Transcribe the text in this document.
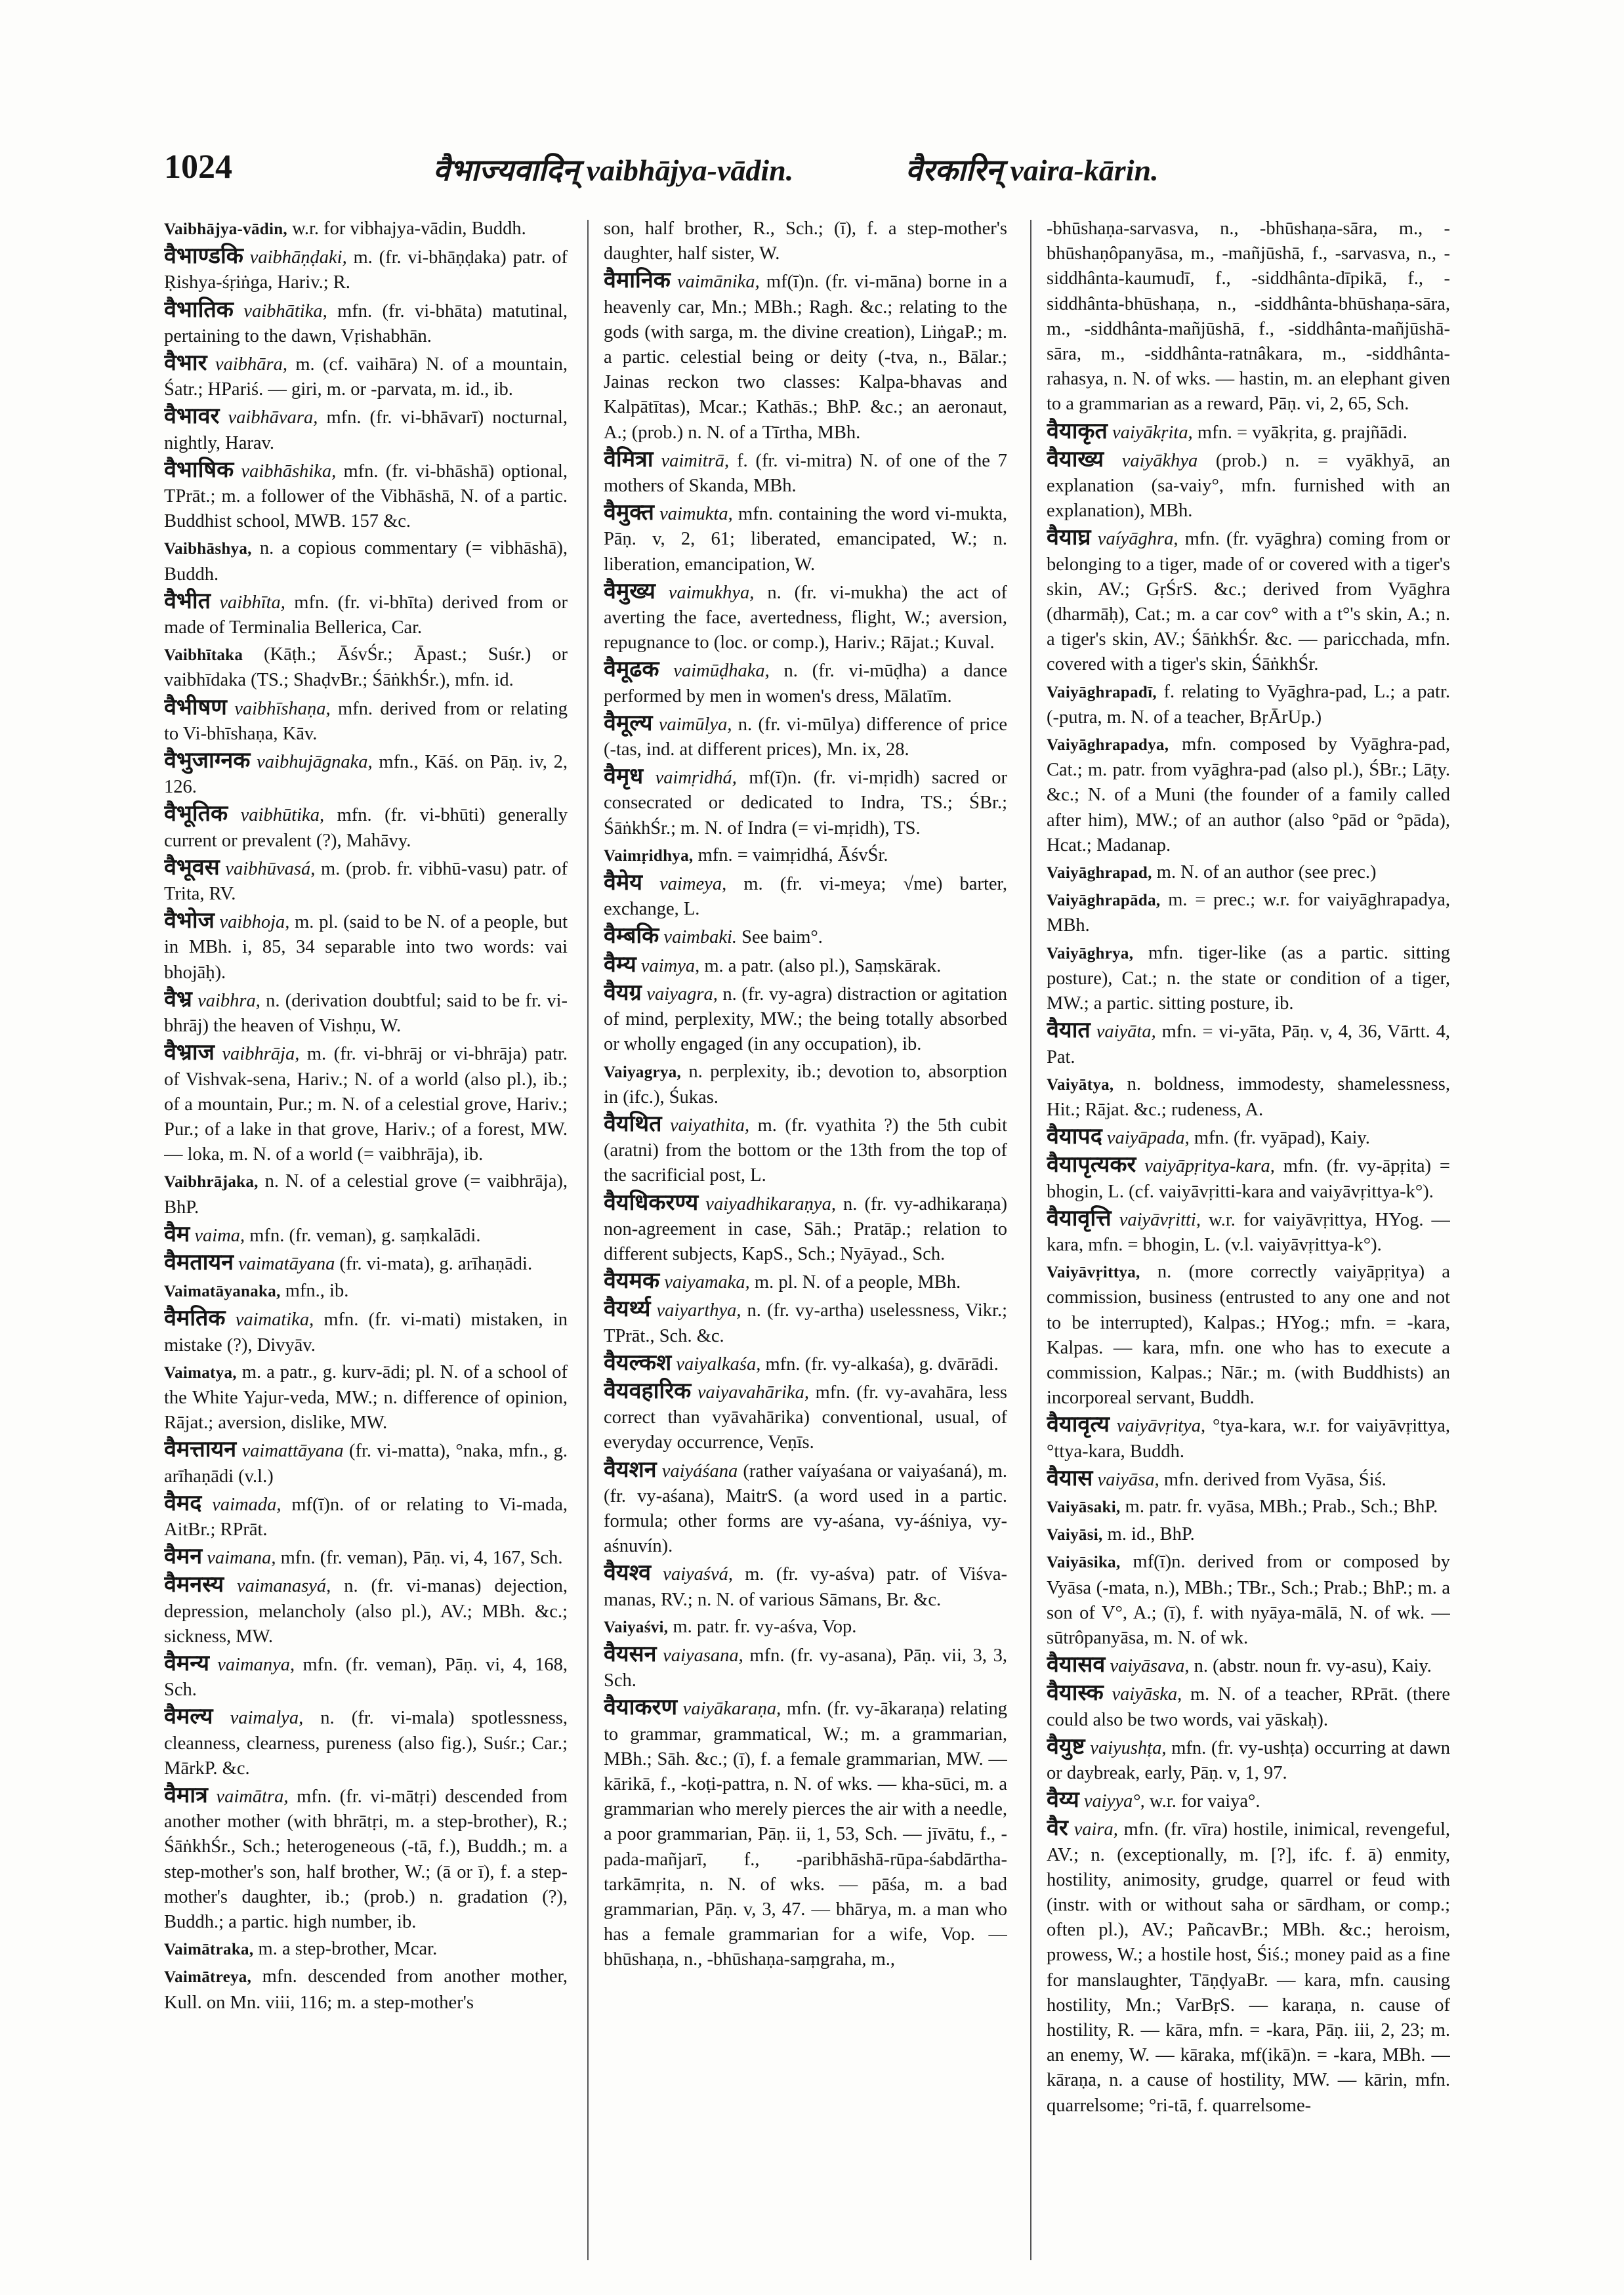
1024	वैभाज्यवादिन् vaibhājya-vādin.	वैरकारिन् vaira-kārin.
Vaibhājya-vādin, w.r. for vibhajya-vādin, Buddh.
वैभाण्डकि vaibhāṇḍaki, m. (fr. vi-bhāṇḍaka) patr. of Ṛishya-śṛiṅga, Hariv.; R.
वैभातिक vaibhātika, mfn. (fr. vi-bhāta) matutinal, pertaining to the dawn, Vṛishabhān.
वैभार vaibhāra, m. (cf. vaihāra) N. of a mountain, Śatr.; HPariś. — giri, m. or -parvata, m. id., ib.
वैभावर vaibhāvara, mfn. (fr. vi-bhāvarī) nocturnal, nightly, Harav.
वैभाषिक vaibhāshika, mfn. (fr. vi-bhāshā) optional, TPrāt.; m. a follower of the Vibhāshā, N. of a partic. Buddhist school, MWB. 157 &c.
Vaibhāshya, n. a copious commentary (= vibhāshā), Buddh.
वैभीत vaibhīta, mfn. (fr. vi-bhīta) derived from or made of Terminalia Bellerica, Car.
Vaibhītaka (Kāṭh.; ĀśvŚr.; Āpast.; Suśr.) or vaibhīdaka (TS.; ShaḍvBr.; ŚāṅkhŚr.), mfn. id.
वैभीषण vaibhīshaṇa, mfn. derived from or relating to Vi-bhīshaṇa, Kāv.
वैभुजाग्नक vaibhujāgnaka, mfn., Kāś. on Pāṇ. iv, 2, 126.
वैभूतिक vaibhūtika, mfn. (fr. vi-bhūti) generally current or prevalent (?), Mahāvy.
वैभूवस vaibhūvasá, m. (prob. fr. vibhū-vasu) patr. of Trita, RV.
वैभोज vaibhoja, m. pl. (said to be N. of a people, but in MBh. i, 85, 34 separable into two words: vai bhojāḥ).
वैभ्र vaibhra, n. (derivation doubtful; said to be fr. vi-bhrāj) the heaven of Vishṇu, W.
वैभ्राज vaibhrāja, m. (fr. vi-bhrāj or vi-bhrāja) patr. of Vishvak-sena, Hariv.; N. of a world (also pl.), ib.; of a mountain, Pur.; m. N. of a celestial grove, Hariv.; Pur.; of a lake in that grove, Hariv.; of a forest, MW. — loka, m. N. of a world (= vaibhrāja), ib.
Vaibhrājaka, n. N. of a celestial grove (= vaibhrāja), BhP.
वैम vaima, mfn. (fr. veman), g. saṃkalādi.
वैमतायन vaimatāyana (fr. vi-mata), g. arīhaṇādi.
Vaimatāyanaka, mfn., ib.
वैमतिक vaimatika, mfn. (fr. vi-mati) mistaken, in mistake (?), Divyāv.
Vaimatya, m. a patr., g. kurv-ādi; pl. N. of a school of the White Yajur-veda, MW.; n. difference of opinion, Rājat.; aversion, dislike, MW.
वैमत्तायन vaimattāyana (fr. vi-matta), °naka, mfn., g. arīhaṇādi (v.l.)
वैमद vaimada, mf(ī)n. of or relating to Vi-mada, AitBr.; RPrāt.
वैमन vaimana, mfn. (fr. veman), Pāṇ. vi, 4, 167, Sch.
वैमनस्य vaimanasyá, n. (fr. vi-manas) dejection, depression, melancholy (also pl.), AV.; MBh. &c.; sickness, MW.
वैमन्य vaimanya, mfn. (fr. veman), Pāṇ. vi, 4, 168, Sch.
वैमल्य vaimalya, n. (fr. vi-mala) spotlessness, cleanness, clearness, pureness (also fig.), Suśr.; Car.; MārkP. &c.
वैमात्र vaimātra, mfn. (fr. vi-mātṛi) descended from another mother (with bhrātṛi, m. a step-brother), R.; ŚāṅkhŚr., Sch.; heterogeneous (-tā, f.), Buddh.; m. a step-mother's son, half brother, W.; (ā or ī), f. a step-mother's daughter, ib.; (prob.) n. gradation (?), Buddh.; a partic. high number, ib.
Vaimātraka, m. a step-brother, Mcar.
Vaimātreya, mfn. descended from another mother, Kull. on Mn. viii, 116; m. a step-mother's
son, half brother, R., Sch.; (ī), f. a step-mother's daughter, half sister, W.
वैमानिक vaimānika, mf(ī)n. (fr. vi-māna) borne in a heavenly car, Mn.; MBh.; Ragh. &c.; relating to the gods (with sarga, m. the divine creation), LiṅgaP.; m. a partic. celestial being or deity (-tva, n., Bālar.; Jainas reckon two classes: Kalpa-bhavas and Kalpātītas), Mcar.; Kathās.; BhP. &c.; an aeronaut, A.; (prob.) n. N. of a Tīrtha, MBh.
वैमित्रा vaimitrā, f. (fr. vi-mitra) N. of one of the 7 mothers of Skanda, MBh.
वैमुक्त vaimukta, mfn. containing the word vi-mukta, Pāṇ. v, 2, 61; liberated, emancipated, W.; n. liberation, emancipation, W.
वैमुख्य vaimukhya, n. (fr. vi-mukha) the act of averting the face, avertedness, flight, W.; aversion, repugnance to (loc. or comp.), Hariv.; Rājat.; Kuval.
वैमूढक vaimūḍhaka, n. (fr. vi-mūḍha) a dance performed by men in women's dress, Mālatīm.
वैमूल्य vaimūlya, n. (fr. vi-mūlya) difference of price (-tas, ind. at different prices), Mn. ix, 28.
वैमृध vaimṛidhá, mf(ī)n. (fr. vi-mṛidh) sacred or consecrated or dedicated to Indra, TS.; ŚBr.; ŚāṅkhŚr.; m. N. of Indra (= vi-mṛidh), TS.
Vaimṛidhya, mfn. = vaimṛidhá, ĀśvŚr.
वैमेय vaimeya, m. (fr. vi-meya; √me) barter, exchange, L.
वैम्बकि vaimbaki. See baim°.
वैम्य vaimya, m. a patr. (also pl.), Saṃskārak.
वैयग्र vaiyagra, n. (fr. vy-agra) distraction or agitation of mind, perplexity, MW.; the being totally absorbed or wholly engaged (in any occupation), ib.
Vaiyagrya, n. perplexity, ib.; devotion to, absorption in (ifc.), Śukas.
वैयथित vaiyathita, m. (fr. vyathita ?) the 5th cubit (aratni) from the bottom or the 13th from the top of the sacrificial post, L.
वैयधिकरण्य vaiyadhikaraṇya, n. (fr. vy-adhikaraṇa) non-agreement in case, Sāh.; Pratāp.; relation to different subjects, KapS., Sch.; Nyāyad., Sch.
वैयमक vaiyamaka, m. pl. N. of a people, MBh.
वैयर्थ्य vaiyarthya, n. (fr. vy-artha) uselessness, Vikr.; TPrāt., Sch. &c.
वैयल्कश vaiyalkaśa, mfn. (fr. vy-alkaśa), g. dvārādi.
वैयवहारिक vaiyavahārika, mfn. (fr. vy-avahāra, less correct than vyāvahārika) conventional, usual, of everyday occurrence, Veṇīs.
वैयशन vaiyáśana (rather vaíyaśana or vaiyaśaná), m. (fr. vy-aśana), MaitrS. (a word used in a partic. formula; other forms are vy-aśana, vy-áśniya, vy-aśnuvín).
वैयश्व vaiyaśvá, m. (fr. vy-aśva) patr. of Viśva-manas, RV.; n. N. of various Sāmans, Br. &c.
Vaiyaśvi, m. patr. fr. vy-aśva, Vop.
वैयसन vaiyasana, mfn. (fr. vy-asana), Pāṇ. vii, 3, 3, Sch.
वैयाकरण vaiyākaraṇa, mfn. (fr. vy-ākaraṇa) relating to grammar, grammatical, W.; m. a grammarian, MBh.; Sāh. &c.; (ī), f. a female grammarian, MW. — kārikā, f., -koṭi-pattra, n. N. of wks. — kha-sūci, m. a grammarian who merely pierces the air with a needle, a poor grammarian, Pāṇ. ii, 1, 53, Sch. — jīvātu, f., -pada-mañjarī, f., -paribhāshā-rūpa-śabdārtha-tarkāmṛita, n. N. of wks. — pāśa, m. a bad grammarian, Pāṇ. v, 3, 47. — bhārya, m. a man who has a female grammarian for a wife, Vop. — bhūshaṇa, n., -bhūshaṇa-saṃgraha, m.,
-bhūshaṇa-sarvasva, n., -bhūshaṇa-sāra, m., -bhūshaṇôpanyāsa, m., -mañjūshā, f., -sarvasva, n., -siddhânta-kaumudī, f., -siddhânta-dīpikā, f., -siddhânta-bhūshaṇa, n., -siddhânta-bhūshaṇa-sāra, m., -siddhânta-mañjūshā, f., -siddhânta-mañjūshā-sāra, m., -siddhânta-ratnâkara, m., -siddhânta-rahasya, n. N. of wks. — hastin, m. an elephant given to a grammarian as a reward, Pāṇ. vi, 2, 65, Sch.
वैयाकृत vaiyākṛita, mfn. = vyākṛita, g. prajñādi.
वैयाख्य vaiyākhya (prob.) n. = vyākhyā, an explanation (sa-vaiy°, mfn. furnished with an explanation), MBh.
वैयाघ्र vaíyāghra, mfn. (fr. vyāghra) coming from or belonging to a tiger, made of or covered with a tiger's skin, AV.; GṛŚrS. &c.; derived from Vyāghra (dharmāḥ), Cat.; m. a car cov° with a t°'s skin, A.; n. a tiger's skin, AV.; ŚāṅkhŚr. &c. — paricchada, mfn. covered with a tiger's skin, ŚāṅkhŚr.
Vaiyāghrapadī, f. relating to Vyāghra-pad, L.; a patr. (-putra, m. N. of a teacher, BṛĀrUp.)
Vaiyāghrapadya, mfn. composed by Vyāghra-pad, Cat.; m. patr. from vyāghra-pad (also pl.), ŚBr.; Lāṭy. &c.; N. of a Muni (the founder of a family called after him), MW.; of an author (also °pād or °pāda), Hcat.; Madanap.
Vaiyāghrapad, m. N. of an author (see prec.)
Vaiyāghrapāda, m. = prec.; w.r. for vaiyāghrapadya, MBh.
Vaiyāghrya, mfn. tiger-like (as a partic. sitting posture), Cat.; n. the state or condition of a tiger, MW.; a partic. sitting posture, ib.
वैयात vaiyāta, mfn. = vi-yāta, Pāṇ. v, 4, 36, Vārtt. 4, Pat.
Vaiyātya, n. boldness, immodesty, shamelessness, Hit.; Rājat. &c.; rudeness, A.
वैयापद vaiyāpada, mfn. (fr. vyāpad), Kaiy.
वैयापृत्यकर vaiyāpṛitya-kara, mfn. (fr. vy-āpṛita) = bhogin, L. (cf. vaiyāvṛitti-kara and vaiyāvṛittya-k°).
वैयावृत्ति vaiyāvṛitti, w.r. for vaiyāvṛittya, HYog. — kara, mfn. = bhogin, L. (v.l. vaiyāvṛittya-k°).
Vaiyāvṛittya, n. (more correctly vaiyāpṛitya) a commission, business (entrusted to any one and not to be interrupted), Kalpas.; HYog.; mfn. = -kara, Kalpas. — kara, mfn. one who has to execute a commission, Kalpas.; Nār.; m. (with Buddhists) an incorporeal servant, Buddh.
वैयावृत्य vaiyāvṛitya, °tya-kara, w.r. for vaiyāvṛittya, °ttya-kara, Buddh.
वैयास vaiyāsa, mfn. derived from Vyāsa, Śiś.
Vaiyāsaki, m. patr. fr. vyāsa, MBh.; Prab., Sch.; BhP.
Vaiyāsi, m. id., BhP.
Vaiyāsika, mf(ī)n. derived from or composed by Vyāsa (-mata, n.), MBh.; TBr., Sch.; Prab.; BhP.; m. a son of V°, A.; (ī), f. with nyāya-mālā, N. of wk. — sūtrôpanyāsa, m. N. of wk.
वैयासव vaiyāsava, n. (abstr. noun fr. vy-asu), Kaiy.
वैयास्क vaiyāska, m. N. of a teacher, RPrāt. (there could also be two words, vai yāskaḥ).
वैयुष्ट vaiyushṭa, mfn. (fr. vy-ushṭa) occurring at dawn or daybreak, early, Pāṇ. v, 1, 97.
वैय्य vaiyya°, w.r. for vaiya°.
वैर vaira, mfn. (fr. vīra) hostile, inimical, revengeful, AV.; n. (exceptionally, m. [?], ifc. f. ā) enmity, hostility, animosity, grudge, quarrel or feud with (instr. with or without saha or sārdham, or comp.; often pl.), AV.; PañcavBr.; MBh. &c.; heroism, prowess, W.; a hostile host, Śiś.; money paid as a fine for manslaughter, TāṇḍyaBr. — kara, mfn. causing hostility, Mn.; VarBṛS. — karaṇa, n. cause of hostility, R. — kāra, mfn. = -kara, Pāṇ. iii, 2, 23; m. an enemy, W. — kāraka, mf(ikā)n. = -kara, MBh. — kāraṇa, n. a cause of hostility, MW. — kārin, mfn. quarrelsome; °ri-tā, f. quarrelsome-
